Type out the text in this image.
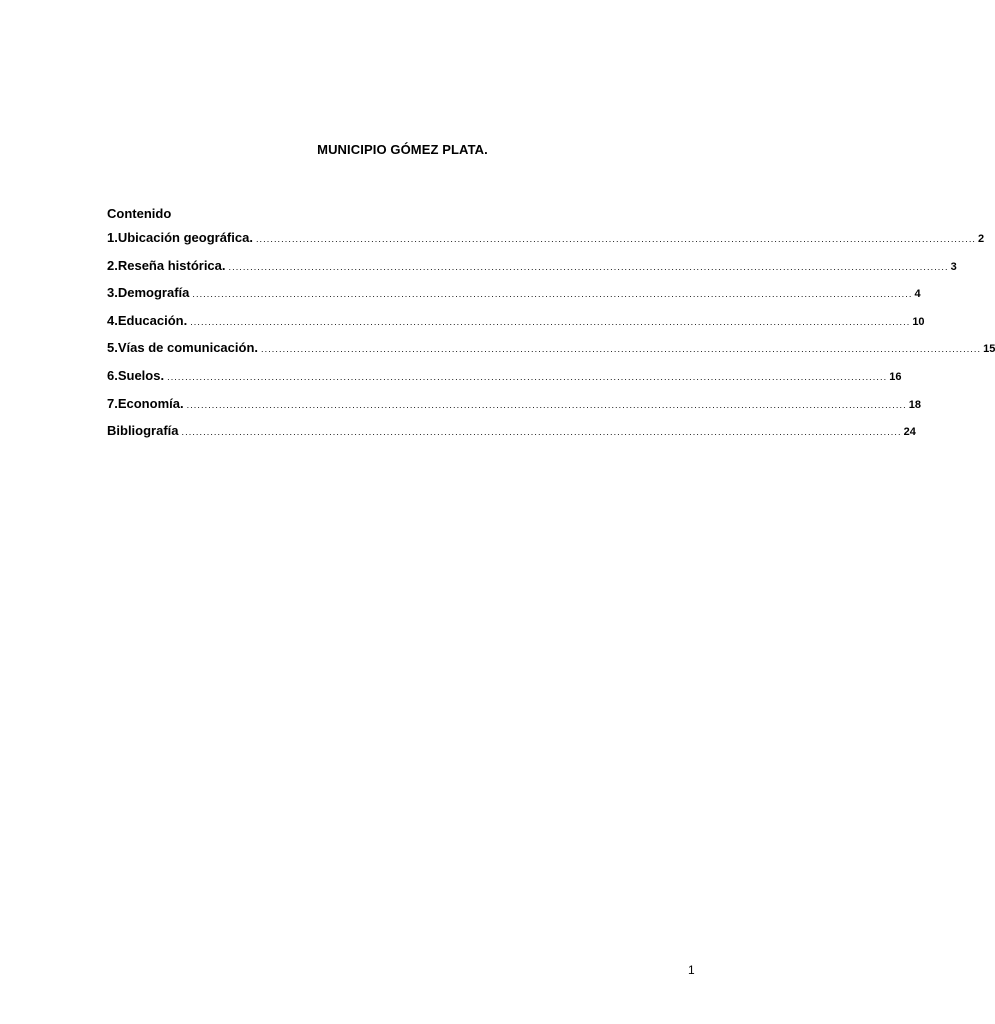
MUNICIPIO GÓMEZ PLATA.
Contenido
1. Ubicación geográfica. ........................................................................................................................................................................................................ 2
2. Reseña histórica. ........................................................................................................................................................................................................ 3
3. Demografía ........................................................................................................................................................................................................ 4
4. Educación. ........................................................................................................................................................................................................ 10
5. Vías de comunicación. ........................................................................................................................................................................................................ 15
6. Suelos. ........................................................................................................................................................................................................ 16
7. Economía. ........................................................................................................................................................................................................ 18
Bibliografía ........................................................................................................................................................................................................ 24
1
